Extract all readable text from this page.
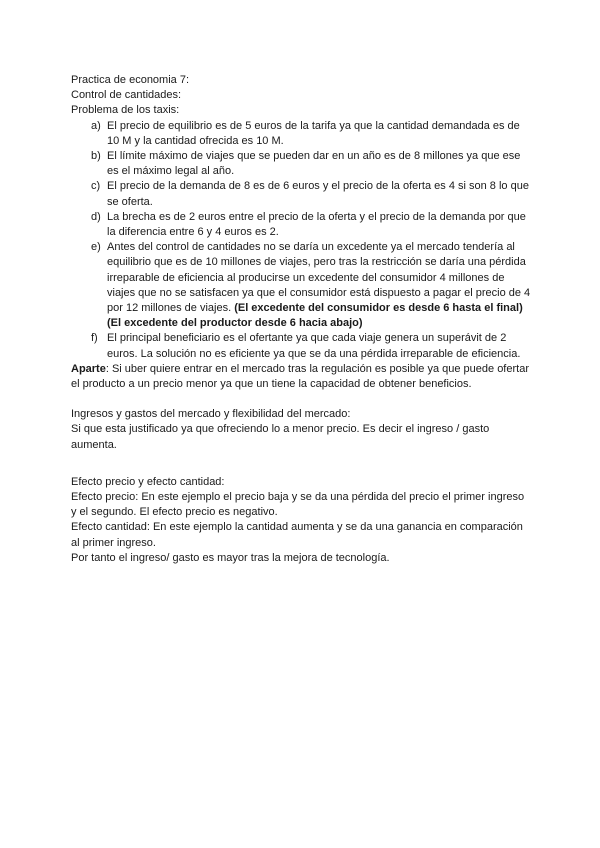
Practica de economia 7:

Control de cantidades:

Problema de los taxis:

a) El precio de equilibrio es de 5 euros de la tarifa ya que la cantidad demandada es de 10 M y la cantidad ofrecida es 10 M.
b) El límite máximo de viajes que se pueden dar en un año es de 8 millones ya que ese es el máximo legal al año.
c) El precio de la demanda de 8 es de 6 euros y el precio de la oferta es 4 si son 8 lo que se oferta.
d) La brecha es de 2 euros entre el precio de la oferta y el precio de la demanda por que la diferencia entre 6 y 4 euros es 2.
e) Antes del control de cantidades no se daría un excedente ya el mercado tendería al equilibrio que es de 10 millones de viajes, pero tras la restricción se daría una pérdida irreparable de eficiencia al producirse un excedente del consumidor 4 millones de viajes que no se satisfacen ya que el consumidor está dispuesto a pagar el precio de 4 por 12 millones de viajes. (El excedente del consumidor es desde 6 hasta el final)(El excedente del productor desde 6 hacia abajo)
f) El principal beneficiario es el ofertante ya que cada viaje genera un superávit de 2 euros. La solución no es eficiente ya que se da una pérdida irreparable de eficiencia.

Aparte: Si uber quiere entrar en el mercado tras la regulación es posible ya que puede ofertar el producto a un precio menor ya que un tiene la capacidad de obtener beneficios.

Ingresos y gastos del mercado y flexibilidad del mercado:

Si que esta justificado ya que ofreciendo lo a menor precio. Es decir el ingreso / gasto aumenta.

Efecto precio y efecto cantidad:

Efecto precio: En este ejemplo el precio baja y se da una pérdida del precio el primer ingreso y el segundo. El efecto precio es negativo.

Efecto cantidad: En este ejemplo la cantidad aumenta y se da una ganancia en comparación al primer ingreso.

Por tanto el ingreso/ gasto es mayor tras la mejora de tecnología.
